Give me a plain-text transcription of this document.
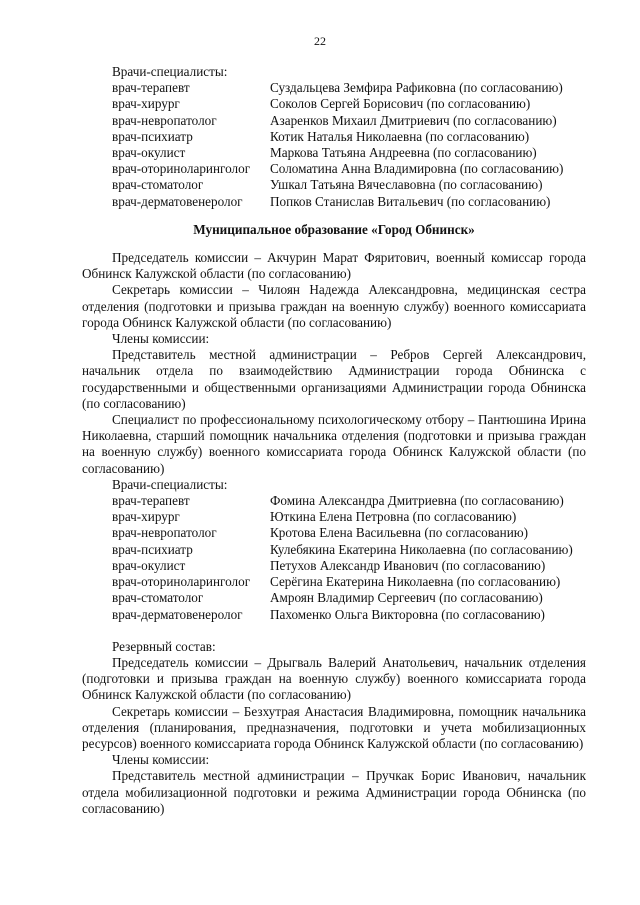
22
Врачи-специалисты:
врач-терапевт	Суздальцева Земфира Рафиковна (по согласованию)
врач-хирург	Соколов Сергей Борисович (по согласованию)
врач-невропатолог	Азаренков Михаил Дмитриевич (по согласованию)
врач-психиатр	Котик Наталья Николаевна (по согласованию)
врач-окулист	Маркова Татьяна Андреевна (по согласованию)
врач-оториноларинголог	Соломатина Анна Владимировна (по согласованию)
врач-стоматолог	Ушкал Татьяна Вячеславовна (по согласованию)
врач-дерматовенеролог	Попков Станислав Витальевич (по согласованию)
Муниципальное образование «Город Обнинск»
Председатель комиссии – Акчурин Марат Фяритович, военный комиссар города Обнинск Калужской области (по согласованию)
Секретарь комиссии – Чилоян Надежда Александровна, медицинская сестра отделения (подготовки и призыва граждан на военную службу) военного комиссариата города Обнинск Калужской области (по согласованию)
Члены комиссии:
Представитель местной администрации – Ребров Сергей Александрович, начальник отдела по взаимодействию Администрации города Обнинска с государственными и общественными организациями Администрации города Обнинска (по согласованию)
Специалист по профессиональному психологическому отбору – Пантюшина Ирина Николаевна, старший помощник начальника отделения (подготовки и призыва граждан на военную службу) военного комиссариата города Обнинск Калужской области (по согласованию)
Врачи-специалисты:
врач-терапевт	Фомина Александра Дмитриевна (по согласованию)
врач-хирург	Юткина Елена Петровна (по согласованию)
врач-невропатолог	Кротова Елена Васильевна (по согласованию)
врач-психиатр	Кулебякина Екатерина Николаевна (по согласованию)
врач-окулист	Петухов Александр Иванович (по согласованию)
врач-оториноларинголог	Серёгина Екатерина Николаевна (по согласованию)
врач-стоматолог	Амроян Владимир Сергеевич (по согласованию)
врач-дерматовенеролог	Пахоменко Ольга Викторовна (по согласованию)
Резервный состав:
Председатель комиссии – Дрыгваль Валерий Анатольевич, начальник отделения (подготовки и призыва граждан на военную службу) военного комиссариата города Обнинск Калужской области (по согласованию)
Секретарь комиссии – Безхутрая Анастасия Владимировна, помощник начальника отделения (планирования, предназначения, подготовки и учета мобилизационных ресурсов) военного комиссариата города Обнинск Калужской области (по согласованию)
Члены комиссии:
Представитель местной администрации – Пручкак Борис Иванович, начальник отдела мобилизационной подготовки и режима Администрации города Обнинска (по согласованию)
